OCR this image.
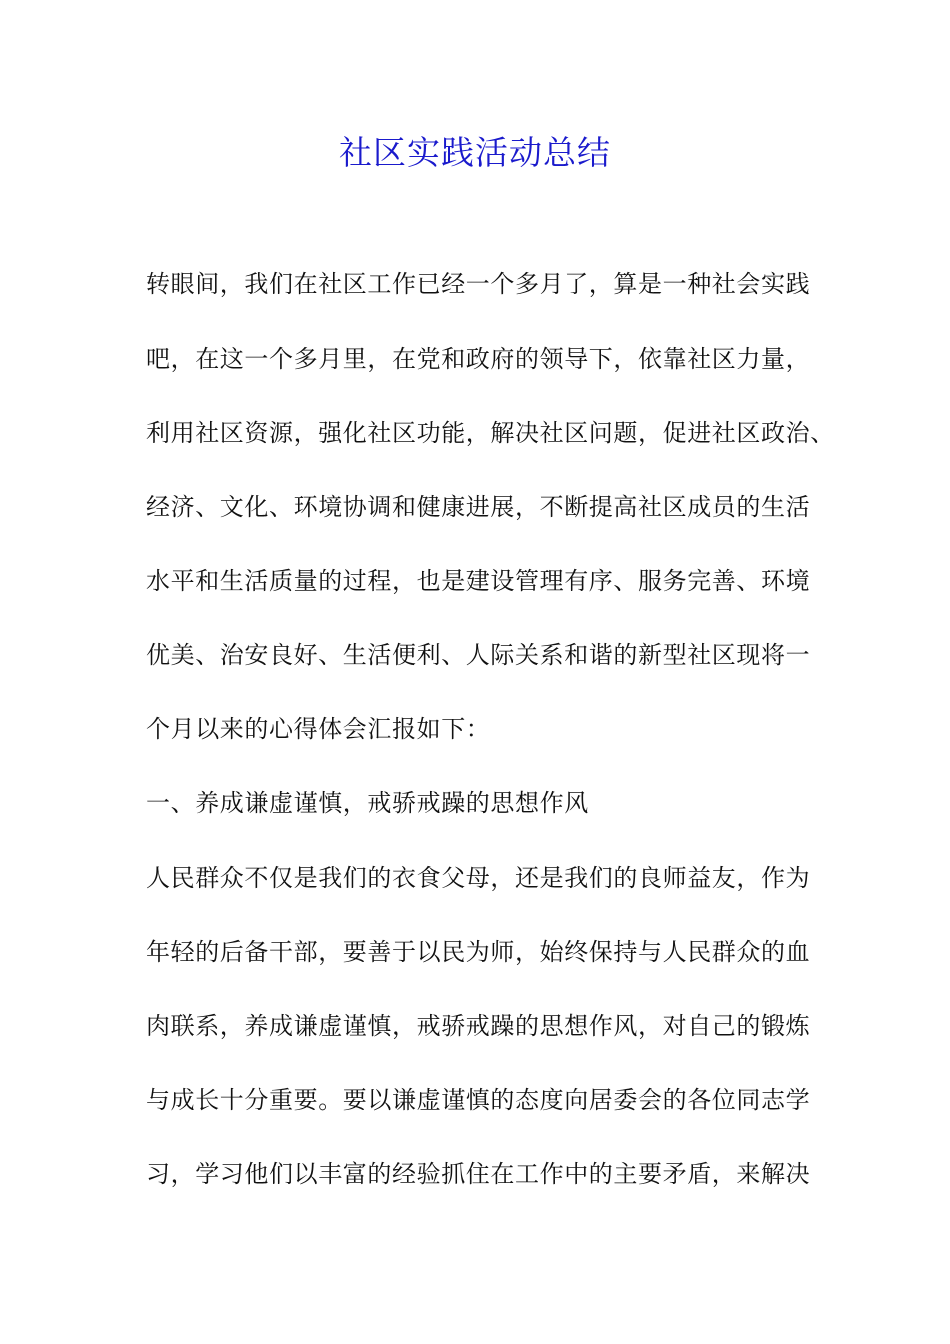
社区实践活动总结
转眼间，我们在社区工作已经一个多月了，算是一种社会实践
吧，在这一个多月里，在党和政府的领导下，依靠社区力量，
利用社区资源，强化社区功能，解决社区问题，促进社区政治、
经济、文化、环境协调和健康进展，不断提高社区成员的生活
水平和生活质量的过程，也是建设管理有序、服务完善、环境
优美、治安良好、生活便利、人际关系和谐的新型社区现将一
个月以来的心得体会汇报如下：
一、养成谦虚谨慎，戒骄戒躁的思想作风
人民群众不仅是我们的衣食父母，还是我们的良师益友，作为
年轻的后备干部，要善于以民为师，始终保持与人民群众的血
肉联系，养成谦虚谨慎，戒骄戒躁的思想作风，对自己的锻炼
与成长十分重要。要以谦虚谨慎的态度向居委会的各位同志学
习，学习他们以丰富的经验抓住在工作中的主要矛盾，来解决
